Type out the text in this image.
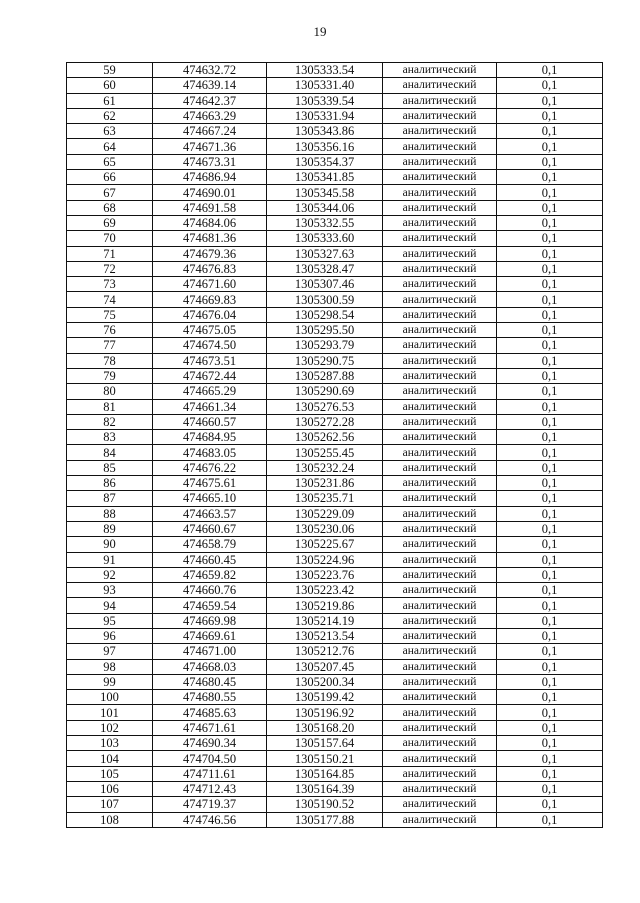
19
59	474632.72	1305333.54	аналитический	0,1
60	474639.14	1305331.40	аналитический	0,1
61	474642.37	1305339.54	аналитический	0,1
62	474663.29	1305331.94	аналитический	0,1
63	474667.24	1305343.86	аналитический	0,1
64	474671.36	1305356.16	аналитический	0,1
65	474673.31	1305354.37	аналитический	0,1
66	474686.94	1305341.85	аналитический	0,1
67	474690.01	1305345.58	аналитический	0,1
68	474691.58	1305344.06	аналитический	0,1
69	474684.06	1305332.55	аналитический	0,1
70	474681.36	1305333.60	аналитический	0,1
71	474679.36	1305327.63	аналитический	0,1
72	474676.83	1305328.47	аналитический	0,1
73	474671.60	1305307.46	аналитический	0,1
74	474669.83	1305300.59	аналитический	0,1
75	474676.04	1305298.54	аналитический	0,1
76	474675.05	1305295.50	аналитический	0,1
77	474674.50	1305293.79	аналитический	0,1
78	474673.51	1305290.75	аналитический	0,1
79	474672.44	1305287.88	аналитический	0,1
80	474665.29	1305290.69	аналитический	0,1
81	474661.34	1305276.53	аналитический	0,1
82	474660.57	1305272.28	аналитический	0,1
83	474684.95	1305262.56	аналитический	0,1
84	474683.05	1305255.45	аналитический	0,1
85	474676.22	1305232.24	аналитический	0,1
86	474675.61	1305231.86	аналитический	0,1
87	474665.10	1305235.71	аналитический	0,1
88	474663.57	1305229.09	аналитический	0,1
89	474660.67	1305230.06	аналитический	0,1
90	474658.79	1305225.67	аналитический	0,1
91	474660.45	1305224.96	аналитический	0,1
92	474659.82	1305223.76	аналитический	0,1
93	474660.76	1305223.42	аналитический	0,1
94	474659.54	1305219.86	аналитический	0,1
95	474669.98	1305214.19	аналитический	0,1
96	474669.61	1305213.54	аналитический	0,1
97	474671.00	1305212.76	аналитический	0,1
98	474668.03	1305207.45	аналитический	0,1
99	474680.45	1305200.34	аналитический	0,1
100	474680.55	1305199.42	аналитический	0,1
101	474685.63	1305196.92	аналитический	0,1
102	474671.61	1305168.20	аналитический	0,1
103	474690.34	1305157.64	аналитический	0,1
104	474704.50	1305150.21	аналитический	0,1
105	474711.61	1305164.85	аналитический	0,1
106	474712.43	1305164.39	аналитический	0,1
107	474719.37	1305190.52	аналитический	0,1
108	474746.56	1305177.88	аналитический	0,1
